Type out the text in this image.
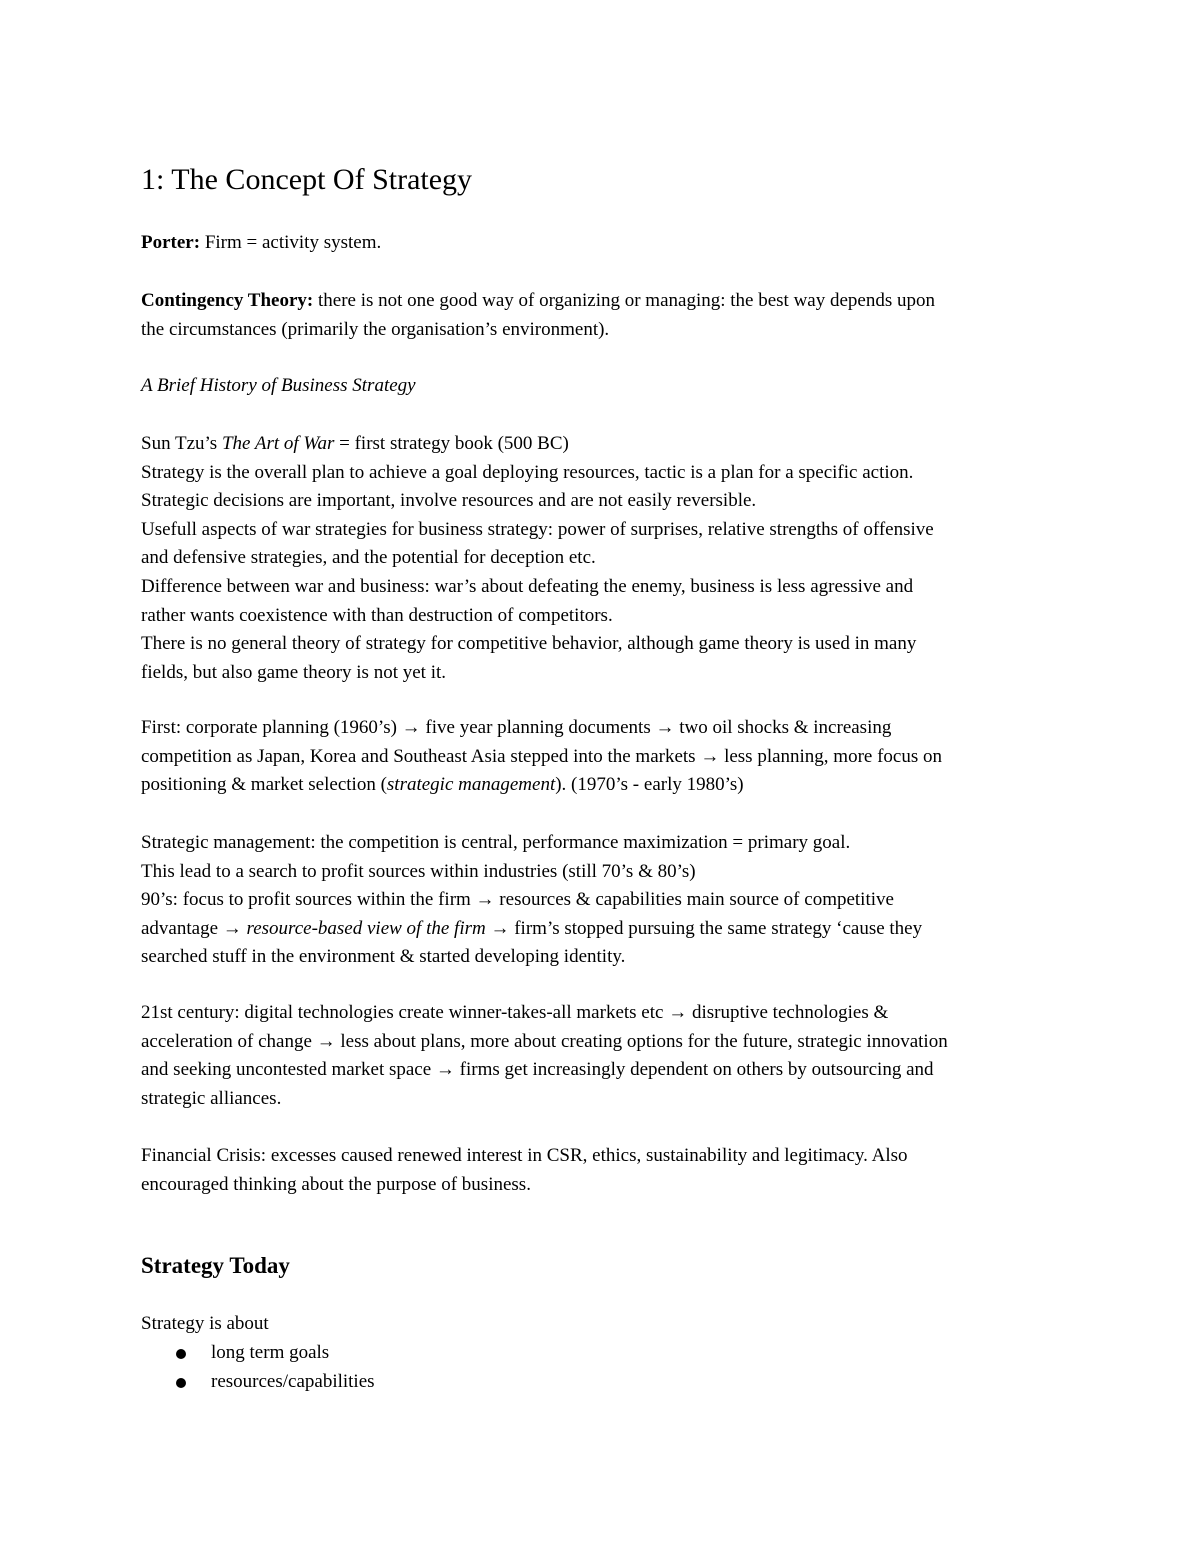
1: The Concept Of Strategy

Porter: Firm = activity system.

Contingency Theory: there is not one good way of organizing or managing: the best way depends upon

the circumstances (primarily the organisation’s environment).

A Brief History of Business Strategy

Sun Tzu’s The Art of War = first strategy book (500 BC)

Strategy is the overall plan to achieve a goal deploying resources, tactic is a plan for a specific action.

Strategic decisions are important, involve resources and are not easily reversible.

Usefull aspects of war strategies for business strategy: power of surprises, relative strengths of offensive

and defensive strategies, and the potential for deception etc.

Difference between war and business: war’s about defeating the enemy, business is less agressive and

rather wants coexistence with than destruction of competitors.

There is no general theory of strategy for competitive behavior, although game theory is used in many

fields, but also game theory is not yet it.

First: corporate planning (1960’s) → five year planning documents → two oil shocks & increasing

competition as Japan, Korea and Southeast Asia stepped into the markets → less planning, more focus on

positioning & market selection (strategic management). (1970’s - early 1980’s)

Strategic management: the competition is central, performance maximization = primary goal.

This lead to a search to profit sources within industries (still 70’s & 80’s)

90’s: focus to profit sources within the firm → resources & capabilities main source of competitive

advantage → resource-based view of the firm → firm’s stopped pursuing the same strategy ‘cause they

searched stuff in the environment & started developing identity.

21st century: digital technologies create winner-takes-all markets etc → disruptive technologies &

acceleration of change → less about plans, more about creating options for the future, strategic innovation

and seeking uncontested market space → firms get increasingly dependent on others by outsourcing and

strategic alliances.

Financial Crisis: excesses caused renewed interest in CSR, ethics, sustainability and legitimacy. Also

encouraged thinking about the purpose of business.

Strategy Today

Strategy is about

long term goals
resources/capabilities
